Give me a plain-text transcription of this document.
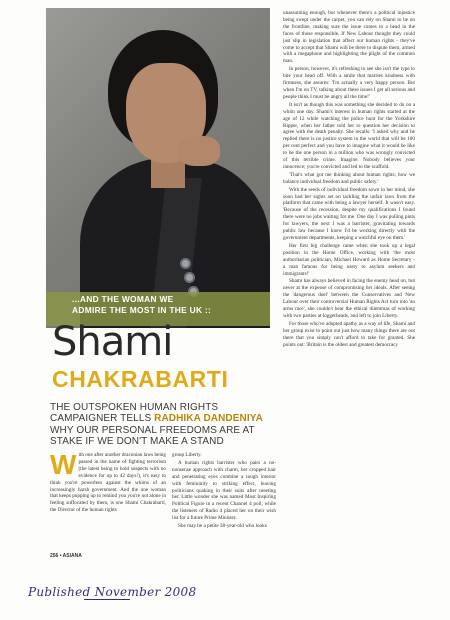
...AND THE WOMAN WE
ADMIRE THE MOST IN THE UK ::
Shami
CHAKRABARTI
THE OUTSPOKEN HUMAN RIGHTS CAMPAIGNER TELLS RADHIKA DANDENIYA WHY OUR PERSONAL FREEDOMS ARE AT STAKE IF WE DON'T MAKE A STAND

With one after another draconian laws being passed in the name of fighting terrorism (the latest being to hold suspects with no evidence for up to 42 days!), it's easy to think you're powerless against the whims of an increasingly harsh government. And the one woman that keeps popping up to remind you you're not alone in feeling suffocated by them, is one Shami Chakrabarti, the Director of the human rights

group Liberty.

A human rights barrister who pairs a no-nonsense approach with charm, her cropped hair and penetrating eyes combine a tough interior with femininity to striking effect, leaving politicians quaking in their suits after meeting her. Little wonder she was named Most Inspiring Political Figure in a recent Channel 4 poll, while the listeners of Radio 4 placed her on their wish list for a future Prime Minister.

She may be a petite 38-year-old who looks

unassuming enough, but whenever there's a political injustice being swept under the carpet, you can rely on Shami to be on the frontline, making sure the issue comes to a head in the faces of those responsible. If New Labour thought they could just slip in legislation that affect our human rights - they've come to accept that Shami will be there to dispute them, armed with a megaphone and highlighting the plight of the common man.

In person, however, it's refreshing to see she isn't the type to bite your head off. With a smile that marries kindness with firmness, she assures: 'I'm actually a very happy person. But when I'm on TV, talking about these issues I get all serious and people think I must be angry all the time!'

It isn't as though this was something she decided to do on a whim one day. Shami's interest in human rights started at the age of 12 while watching the police hunt for the Yorkshire Ripper, when her father told her to question her decision to agree with the death penalty. She recalls: 'I asked why and he replied there is no justice system in the world that will be 100 per cent perfect and you have to imagine what it would be like to be the one person in a million who was wrongly convicted of this terrible crime. Imagine. Nobody believes your innocence; you're convicted and led to the scaffold.

'That's what got me thinking about human rights; how we balance individual freedom and public safety.'

With the seeds of individual freedom sown in her mind, she soon had her sights set on tackling the unfair laws from the platform that came with being a lawyer herself. It wasn't easy. 'Because of the recession, despite my qualifications I found there were no jobs waiting for me. One day I was pulling pints for lawyers, the next I was a barrister, gravitating towards public law because I knew I'd be working directly with the government departments, keeping a watchful eye on them.'

Her first big challenge came when she took up a legal position in the Home Office, working with 'the most authoritarian politician, Michael Howard as Home Secretary - a man famous for being nasty to asylum seekers and immigrants!'

Shami has always believed in facing the enemy head on, but never at the expense of compromising her ideals. After seeing the 'dangerous duel' between the Conservatives and New Labour over their controversial Human Rights Act turn into 'an arms race', she couldn't bear the ethical dilemmas of working with two parties at loggerheads, and left to join Liberty.

For those who've adopted apathy as a way of life, Shami and her group exist to point out just how many things there are out there that you simply can't afford to take for granted. She points out: 'Britain is the oldest and greatest democracy

256 • ASIANA
Published November 2008
